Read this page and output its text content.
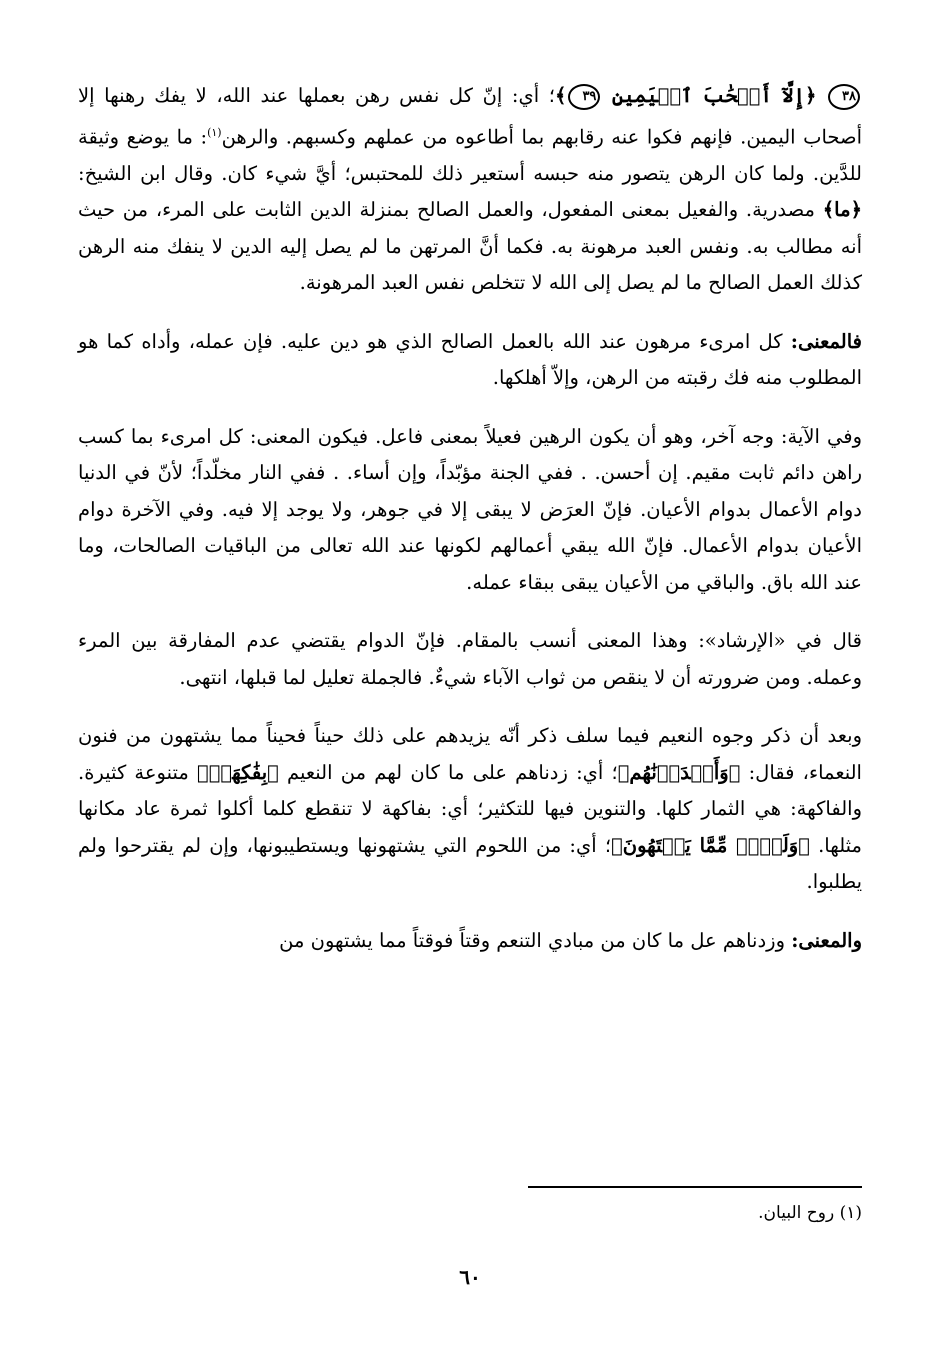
٣٨ ﴿إِلَّآ أَصۡحَٰبَ ٱلۡيَمِينِ ٣٩﴾؛ أي: إنّ كل نفس رهن بعملها عند الله، لا يفك رهنها إلا أصحاب اليمين. فإنهم فكوا عنه رقابهم بما أطاعوه من عملهم وكسبهم. والرهن$^{(١)}$: ما يوضع وثيقة للدَّين. ولما كان الرهن يتصور منه حبسه أستعير ذلك للمحتبس؛ أيَّ شيء كان. وقال ابن الشيخ: ﴿ما﴾ مصدرية. والفعيل بمعنى المفعول، والعمل الصالح بمنزلة الدين الثابت على المرء، من حيث أنه مطالب به. ونفس العبد مرهونة به. فكما أنَّ المرتهن ما لم يصل إليه الدين لا ينفك منه الرهن كذلك العمل الصالح ما لم يصل إلى الله لا تتخلص نفس العبد المرهونة.

فالمعنى: كل امرىء مرهون عند الله بالعمل الصالح الذي هو دين عليه. فإن عمله، وأداه كما هو المطلوب منه فك رقبته من الرهن، وإلاّ أهلكها.

وفي الآية: وجه آخر، وهو أن يكون الرهين فعيلاً بمعنى فاعل. فيكون المعنى: كل امرىء بما كسب راهن دائم ثابت مقيم. إن أحسن. . ففي الجنة مؤبّداً، وإن أساء. . ففي النار مخلّداً؛ لأنّ في الدنيا دوام الأعمال بدوام الأعيان. فإنّ العرَض لا يبقى إلا في جوهر، ولا يوجد إلا فيه. وفي الآخرة دوام الأعيان بدوام الأعمال. فإنّ الله يبقي أعمالهم لكونها عند الله تعالى من الباقيات الصالحات، وما عند الله باق. والباقي من الأعيان يبقى ببقاء عمله.

قال في «الإرشاد»: وهذا المعنى أنسب بالمقام. فإنّ الدوام يقتضي عدم المفارقة بين المرء وعمله. ومن ضرورته أن لا ينقص من ثواب الآباء شيءٌ. فالجملة تعليل لما قبلها، انتهى.

وبعد أن ذكر وجوه النعيم فيما سلف ذكر أنّه يزيدهم على ذلك حيناً فحيناً مما يشتهون من فنون النعماء، فقال: ﴿وَأَمۡدَدۡنَٰهُم﴾؛ أي: زدناهم على ما كان لهم من النعيم ﴿بِفَٰكِهَةٖ﴾ متنوعة كثيرة. والفاكهة: هي الثمار كلها. والتنوين فيها للتكثير؛ أي: بفاكهة لا تنقطع كلما أكلوا ثمرة عاد مكانها مثلها. ﴿وَلَحۡمٖ مِّمَّا يَشۡتَهُونَ﴾؛ أي: من اللحوم التي يشتهونها ويستطيبونها، وإن لم يقترحوا ولم يطلبوا.

والمعنى: وزدناهم عل ما كان من مبادي التنعم وقتاً فوقتاً مما يشتهون من

(١) روح البيان.
٦٠
